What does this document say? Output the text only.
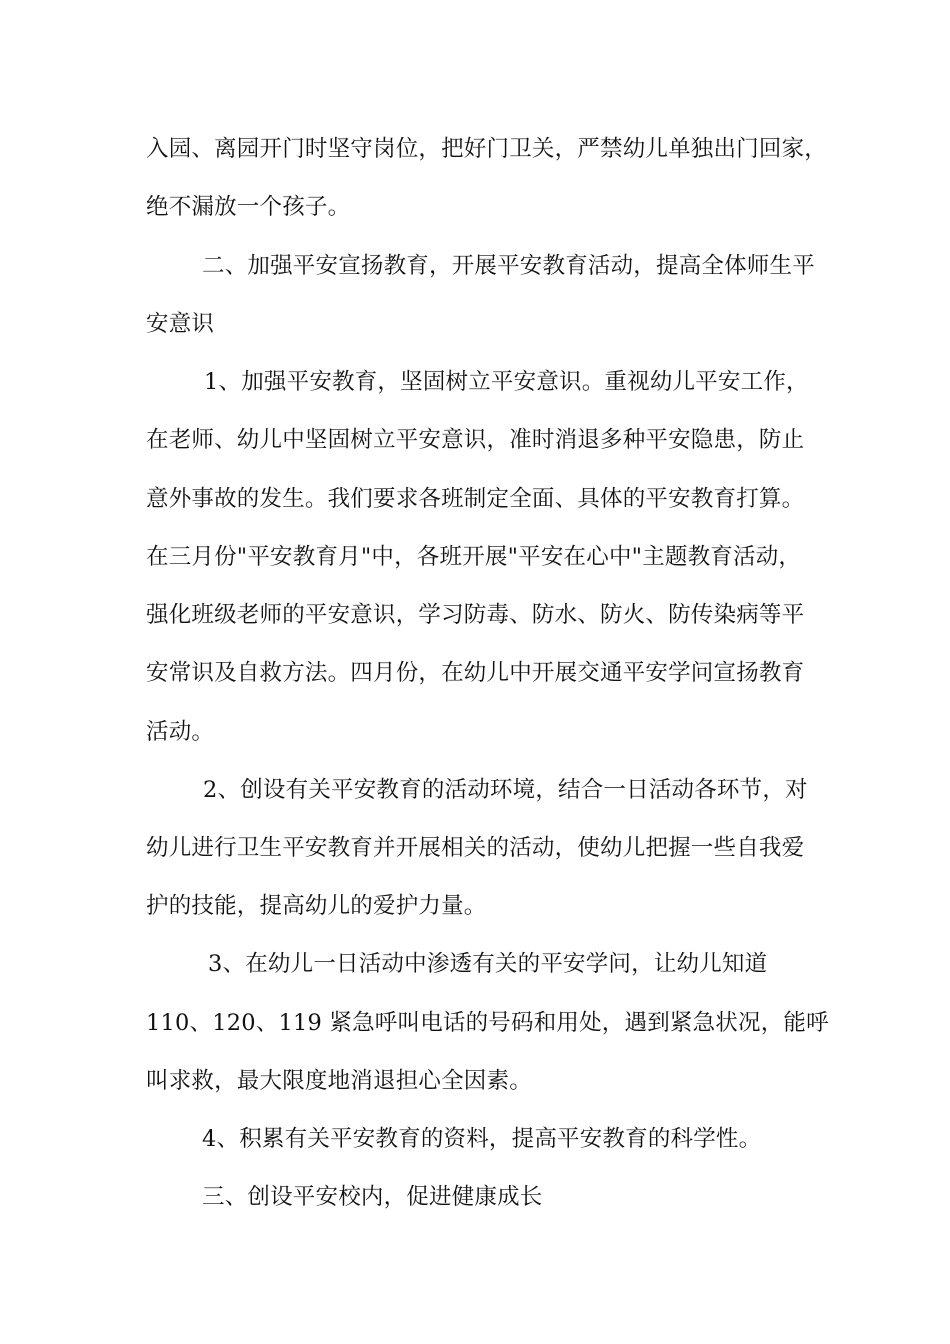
入园、离园开门时坚守岗位，把好门卫关，严禁幼儿单独出门回家，

绝不漏放一个孩子。

二、加强平安宣扬教育，开展平安教育活动，提高全体师生平

安意识

1、加强平安教育，坚固树立平安意识。重视幼儿平安工作，

在老师、幼儿中坚固树立平安意识，准时消退多种平安隐患，防止

意外事故的发生。我们要求各班制定全面、具体的平安教育打算。

在三月份"平安教育月"中，各班开展"平安在心中"主题教育活动，

强化班级老师的平安意识，学习防毒、防水、防火、防传染病等平

安常识及自救方法。四月份，在幼儿中开展交通平安学问宣扬教育

活动。

2、创设有关平安教育的活动环境，结合一日活动各环节，对

幼儿进行卫生平安教育并开展相关的活动，使幼儿把握一些自我爱

护的技能，提高幼儿的爱护力量。

3、在幼儿一日活动中渗透有关的平安学问，让幼儿知道

110、120、119 紧急呼叫电话的号码和用处，遇到紧急状况，能呼

叫求救，最大限度地消退担心全因素。

4、积累有关平安教育的资料，提高平安教育的科学性。

三、创设平安校内，促进健康成长
